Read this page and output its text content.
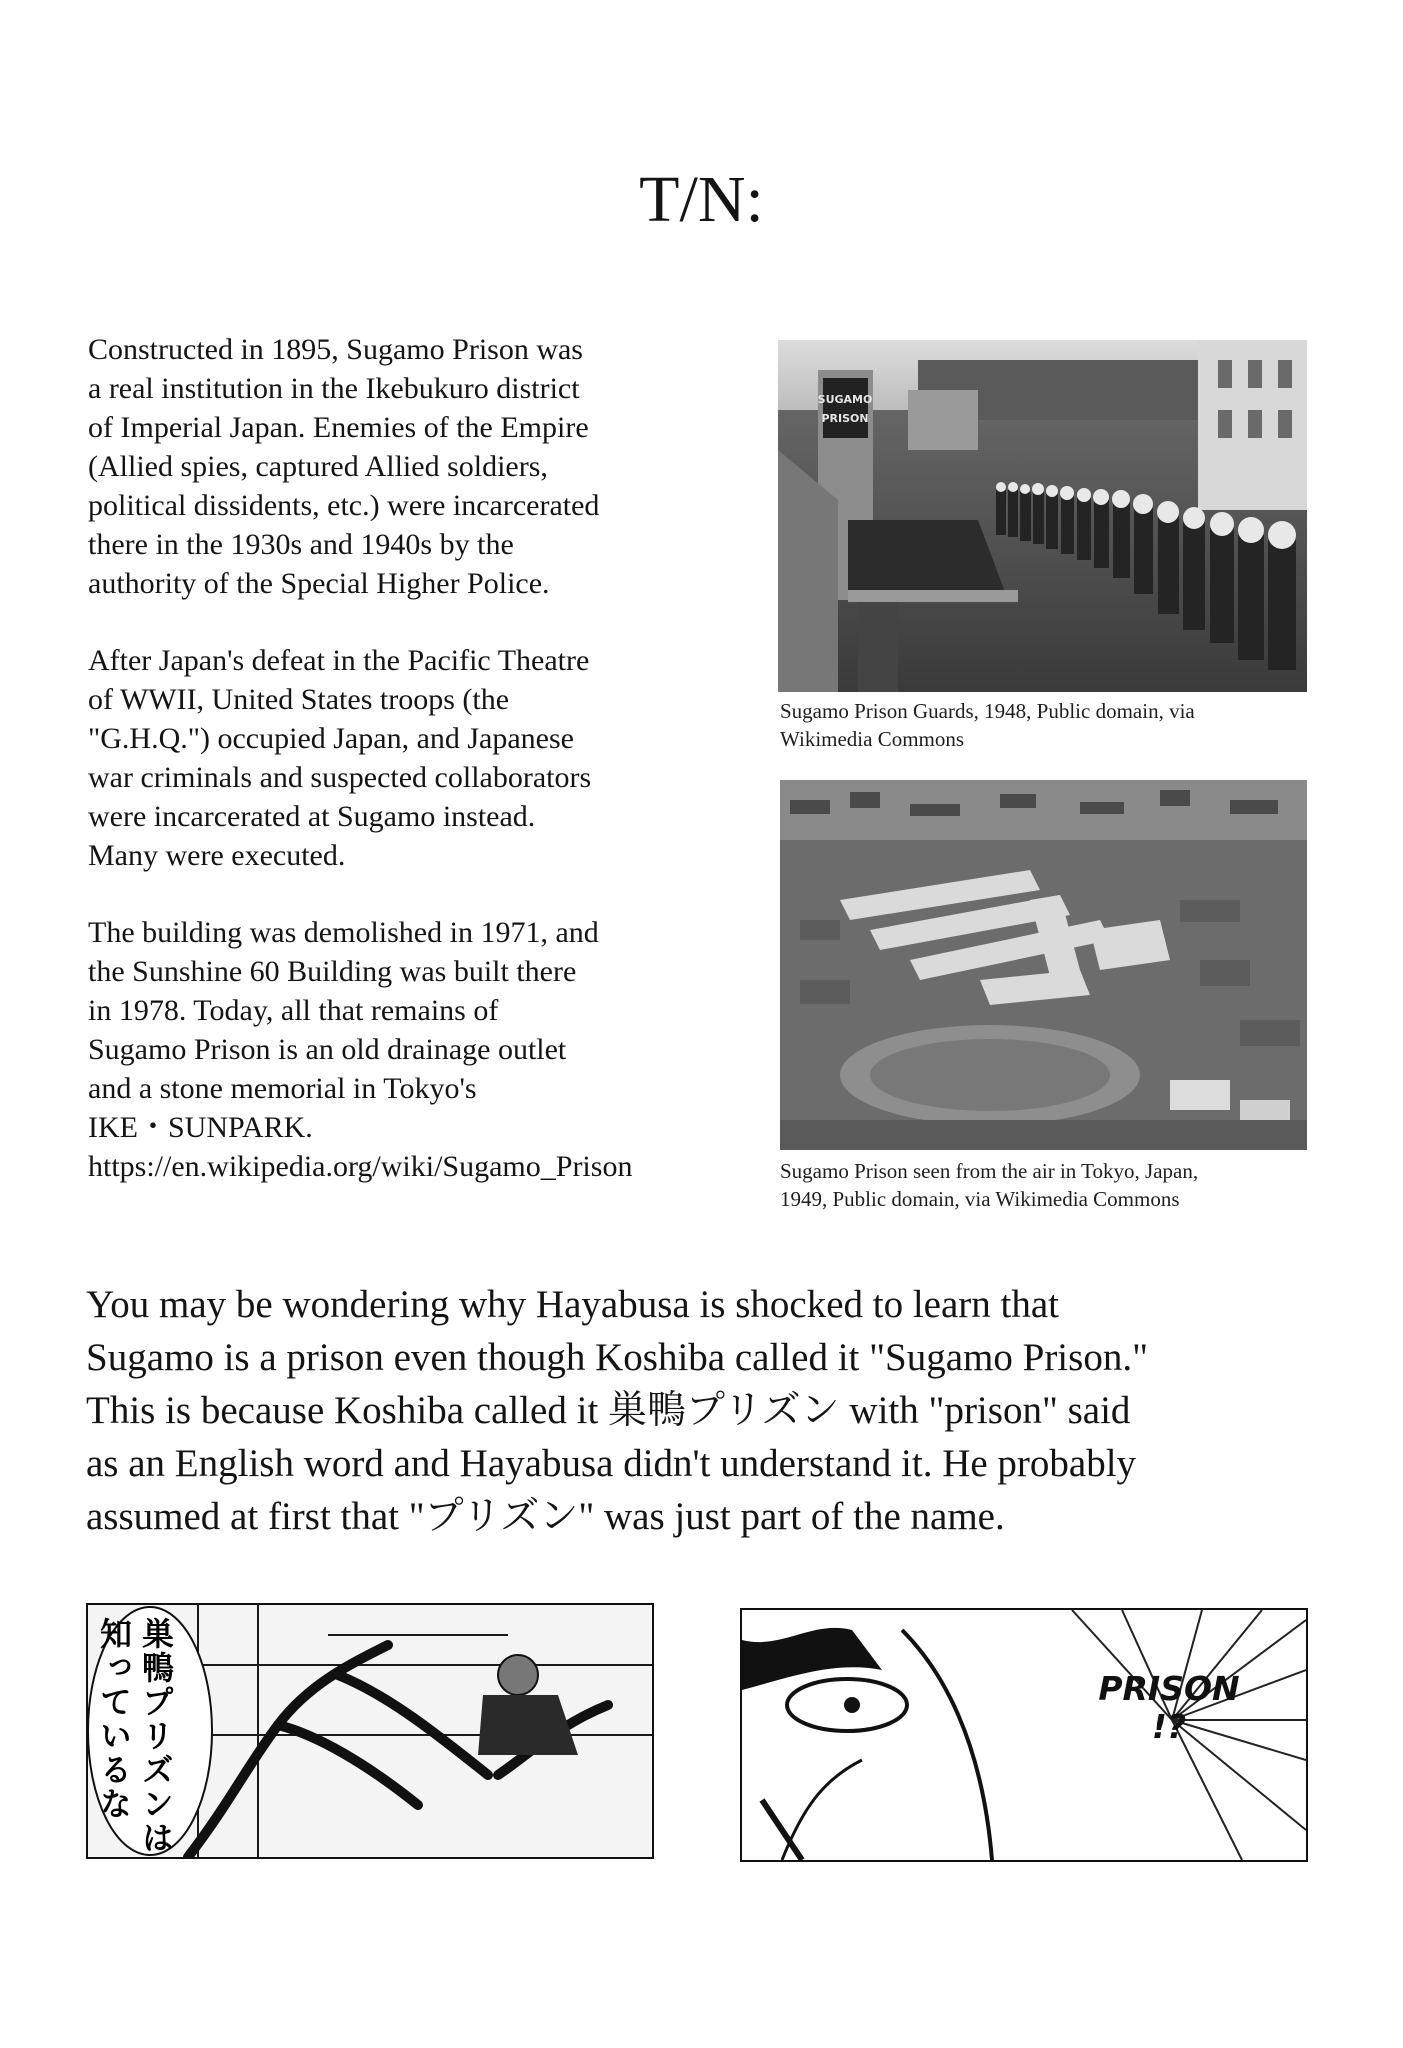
T/N:

Constructed in 1895, Sugamo Prison was
a real institution in the Ikebukuro district
of Imperial Japan. Enemies of the Empire
(Allied spies, captured Allied soldiers,
political dissidents, etc.) were incarcerated
there in the 1930s and 1940s by the
authority of the Special Higher Police.

After Japan's defeat in the Pacific Theatre
of WWII, United States troops (the
"G.H.Q.") occupied Japan, and Japanese
war criminals and suspected collaborators
were incarcerated at Sugamo instead.
Many were executed.

The building was demolished in 1971, and
the Sunshine 60 Building was built there
in 1978. Today, all that remains of
Sugamo Prison is an old drainage outlet
and a stone memorial in Tokyo's
IKE・SUNPARK.
https://en.wikipedia.org/wiki/Sugamo_Prison

SUGAMO
PRISON
Sugamo Prison Guards, 1948, Public domain, via
Wikimedia Commons
Sugamo Prison seen from the air in Tokyo, Japan,
1949, Public domain, via Wikimedia Commons

You may be wondering why Hayabusa is shocked to learn that
Sugamo is a prison even though Koshiba called it "Sugamo Prison."
This is because Koshiba called it 巣鴨プリズン with "prison" said
as an English word and Hayabusa didn't understand it. He probably
assumed at first that "プリズン" was just part of the name.

巣鴨プリズンは
知っているな	PRISON
!?
